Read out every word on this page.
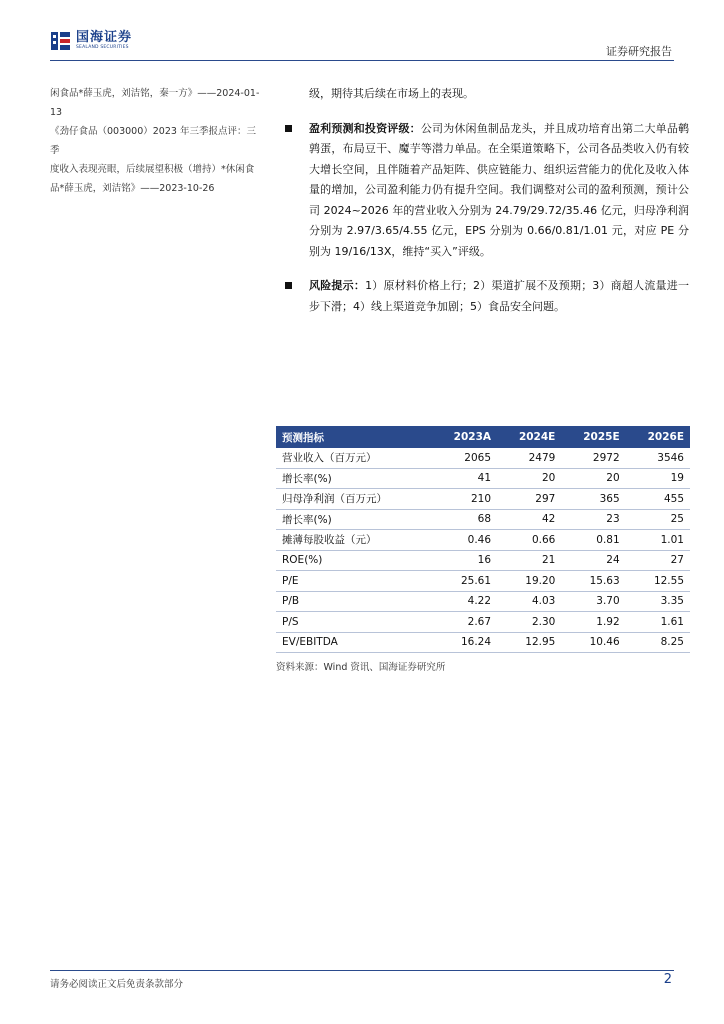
国海证券
SEALAND SECURITIES	证券研究报告

闲食品*薛玉虎，刘洁铭，秦一方》——2024-01-13

《劲仔食品（003000）2023 年三季报点评：三季

度收入表现亮眼，后续展望积极（增持）*休闲食

品*薛玉虎，刘洁铭》——2023-10-26

级，期待其后续在市场上的表现。

盈利预测和投资评级：公司为休闲鱼制品龙头，并且成功培育出第二大单品鹌鹑蛋，布局豆干、魔芋等潜力单品。在全渠道策略下，公司各品类收入仍有较大增长空间，且伴随着产品矩阵、供应链能力、组织运营能力的优化及收入体量的增加，公司盈利能力仍有提升空间。我们调整对公司的盈利预测，预计公司 2024~2026 年的营业收入分别为 24.79/29.72/35.46 亿元，归母净利润分别为 2.97/3.65/4.55 亿元，EPS 分别为 0.66/0.81/1.01 元，对应 PE 分别为 19/16/13X，维持“买入”评级。

风险提示：1）原材料价格上行；2）渠道扩展不及预期；3）商超人流量进一步下滑；4）线上渠道竞争加剧；5）食品安全问题。

预测指标	2023A	2024E	2025E	2026E
营业收入（百万元）	2065	2479	2972	3546
增长率(%)	41	20	20	19
归母净利润（百万元）	210	297	365	455
增长率(%)	68	42	23	25
摊薄每股收益（元）	0.46	0.66	0.81	1.01
ROE(%)	16	21	24	27
P/E	25.61	19.20	15.63	12.55
P/B	4.22	4.03	3.70	3.35
P/S	2.67	2.30	1.92	1.61
EV/EBITDA	16.24	12.95	10.46	8.25
资料来源：Wind 资讯、国海证券研究所
请务必阅读正文后免责条款部分	2
